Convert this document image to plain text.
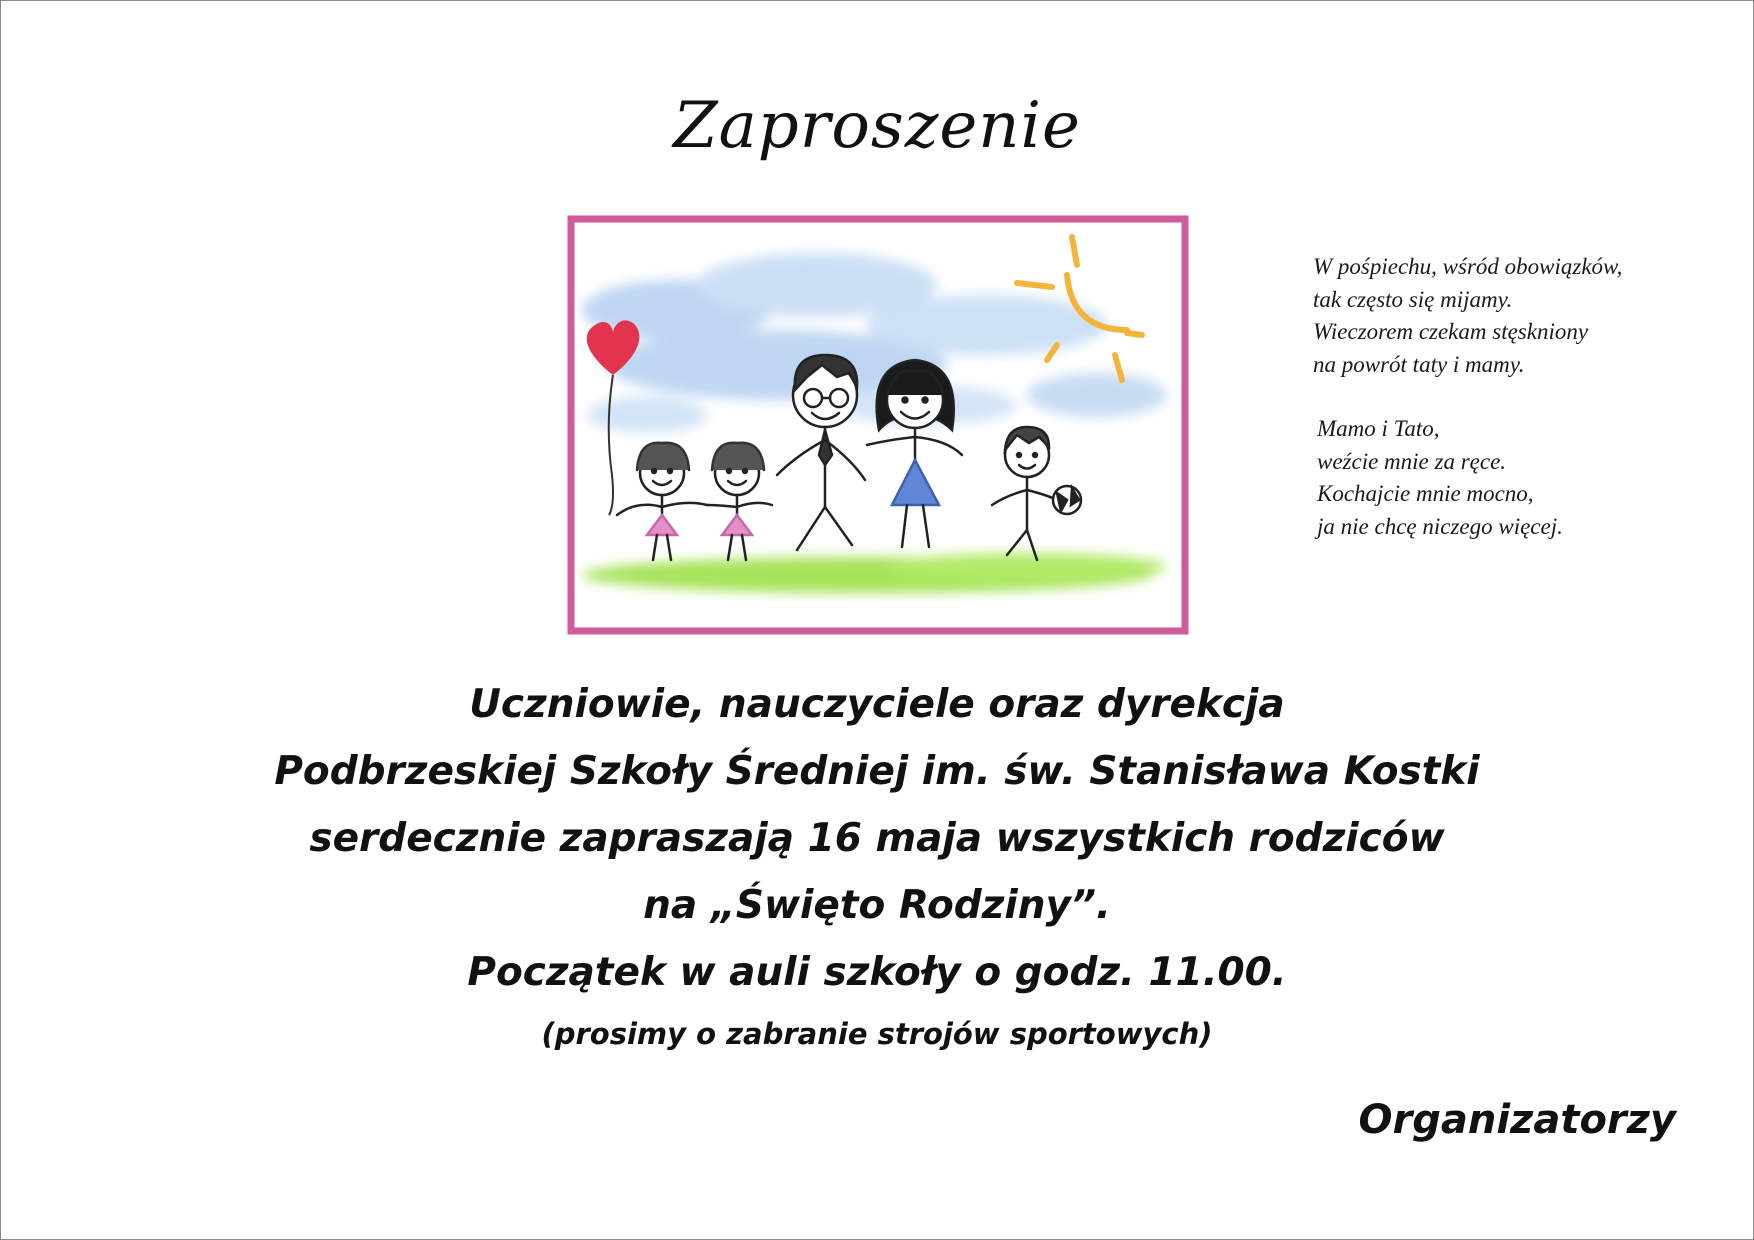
Zaproszenie

W pośpiechu, wśród obowiązków,
tak często się mijamy.
Wieczorem czekam stęskniony
na powrót taty i mamy.

Mamo i Tato,
weźcie mnie za ręce.
Kochajcie mnie mocno,
ja nie chcę niczego więcej.

Uczniowie, nauczyciele oraz dyrekcja
Podbrzeskiej Szkoły Średniej im. św. Stanisława Kostki
serdecznie zapraszają 16 maja wszystkich rodziców
na „Święto Rodziny”.
Początek w auli szkoły o godz. 11.00.
(prosimy o zabranie strojów sportowych)
Organizatorzy
